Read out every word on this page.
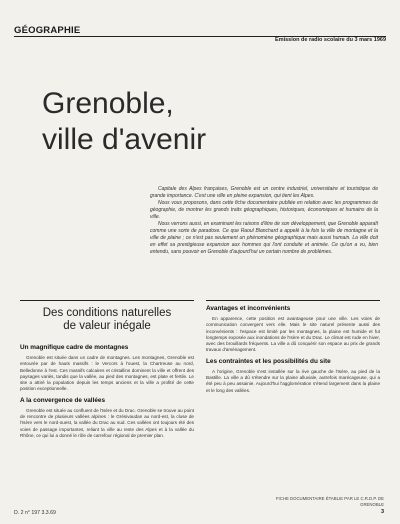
GÉOGRAPHIE
Émission de radio scolaire du 3 mars 1969
Grenoble,
ville d'avenir

Capitale des Alpes françaises, Grenoble est un centre industriel, universitaire et touristique de grande importance. C'est une ville en pleine expansion, qui tient les Alpes.

Nous vous proposons, dans cette fiche documentaire publiée en relation avec les programmes de géographie, de montrer les grands traits géographiques, historiques, économiques et humains de la ville.

Nous verrons aussi, en examinant les raisons d'être de son développement, que Grenoble apparaît comme une sorte de paradoxe. Ce que Raoul Blanchard a appelé à la fois la ville de montagne et la ville de plaine ; ce n'est pas seulement un phénomène géographique mais aussi humain. La ville doit en effet sa prestigieuse expansion aux hommes qui l'ont conduite et animée. Ce qu'on a vu, bien entendu, sans pouvoir en Grenoble d'aujourd'hui un certain nombre de problèmes.

Des conditions naturelles
de valeur inégale
Un magnifique cadre de montagnes

Grenoble est située dans un cadre de montagnes. Les montagnes, Grenoble est entourée par de hauts massifs : le Vercors à l'ouest, la Chartreuse au nord, Belledonne à l'est. Ces massifs calcaires et cristallins dominent la ville et offrent des paysages variés, tandis que la vallée, au pied des montagnes, est plate et fertile. Le site a attiré la population depuis les temps anciens et la ville a profité de cette position exceptionnelle.

A la convergence de vallées

Grenoble est située au confluent de l'Isère et du Drac. Grenoble se trouve au point de rencontre de plusieurs vallées alpines : le Grésivaudan au nord-est, la cluse de l'Isère vers le nord-ouest, la vallée du Drac au sud. Ces vallées ont toujours été des voies de passage importantes, reliant la ville au reste des Alpes et à la vallée du Rhône, ce qui lui a donné le rôle de carrefour régional de premier plan.

Avantages et inconvénients

En apparence, cette position est avantageuse pour une ville. Les voies de communication convergent vers elle. Mais le site naturel présente aussi des inconvénients : l'espace est limité par les montagnes, la plaine est humide et fut longtemps exposée aux inondations de l'Isère et du Drac. Le climat est rude en hiver, avec des brouillards fréquents. La ville a dû conquérir son espace au prix de grands travaux d'aménagement.

Les contraintes et les possibilités du site

A l'origine, Grenoble s'est installée sur la rive gauche de l'Isère, au pied de la Bastille. La ville a dû s'étendre sur la plaine alluviale, autrefois marécageuse, qui a été peu à peu assainie. Aujourd'hui l'agglomération s'étend largement dans la plaine et le long des vallées.

FICHE DOCUMENTAIRE ÉTABLIE PAR LE C.R.D.P. DE GRENOBLE
D. 2 n° 197 3.3.69	3
